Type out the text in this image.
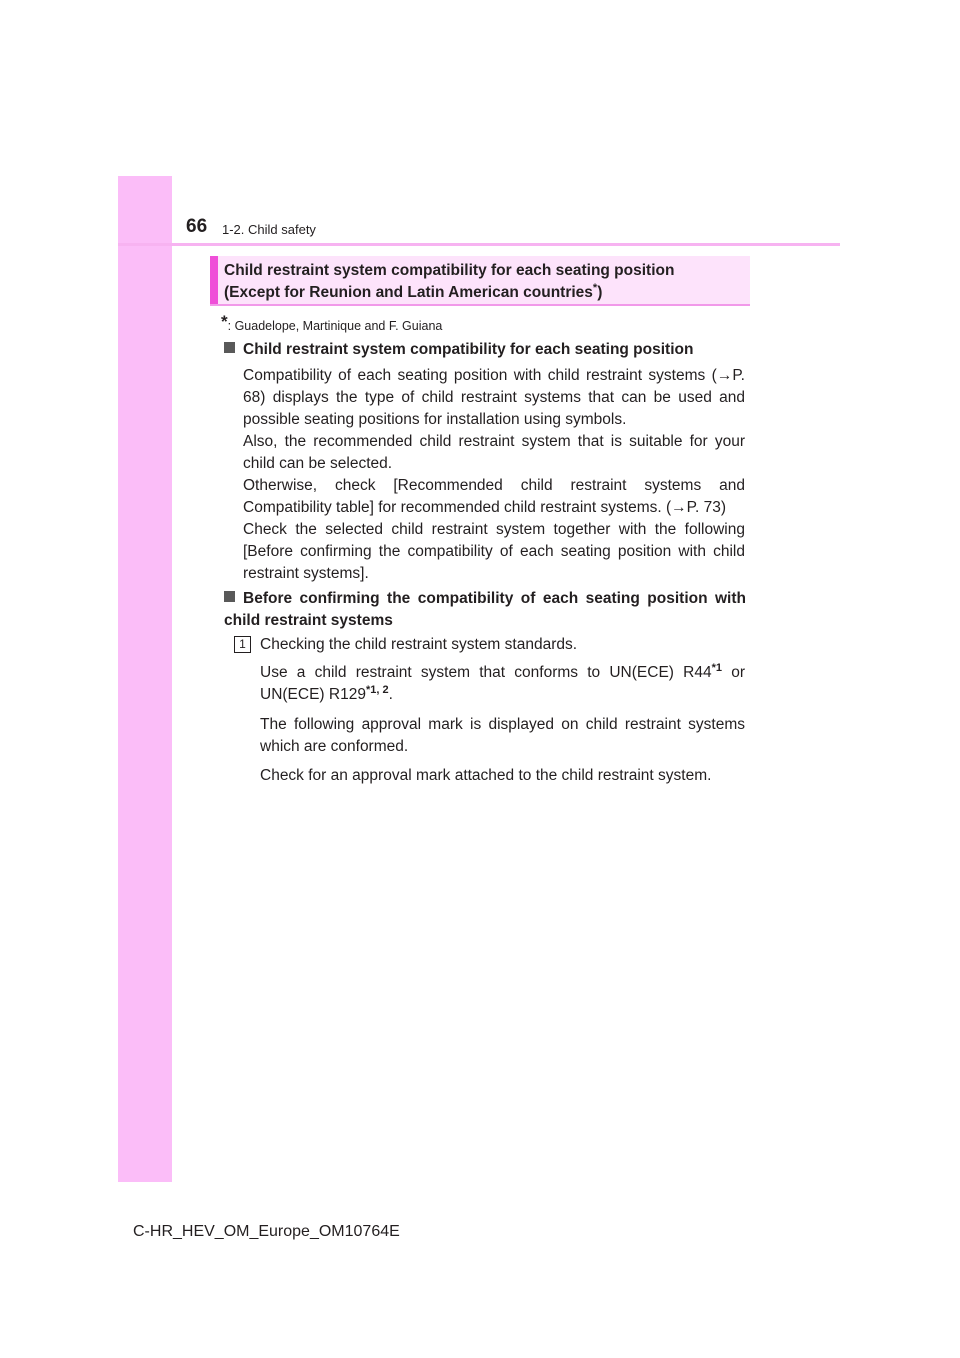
66 1-2. Child safety
Child restraint system compatibility for each seating position
(Except for Reunion and Latin American countries*)
*: Guadelope, Martinique and F. Guiana
Child restraint system compatibility for each seating position
Compatibility of each seating position with child restraint systems (→P. 68) displays the type of child restraint systems that can be used and possible seating positions for installation using symbols.
Also, the recommended child restraint system that is suitable for your child can be selected.
Otherwise, check [Recommended child restraint systems and Compatibility table] for recommended child restraint systems. (→P. 73)
Check the selected child restraint system together with the following [Before confirming the compatibility of each seating position with child restraint systems].
Before confirming the compatibility of each seating position with child restraint systems
1 Checking the child restraint system standards.
Use a child restraint system that conforms to UN(ECE) R44$^{*1}$ or UN(ECE) R129$^{*1, 2}$.
The following approval mark is displayed on child restraint systems which are conformed.
Check for an approval mark attached to the child restraint system.
C-HR_HEV_OM_Europe_OM10764E
